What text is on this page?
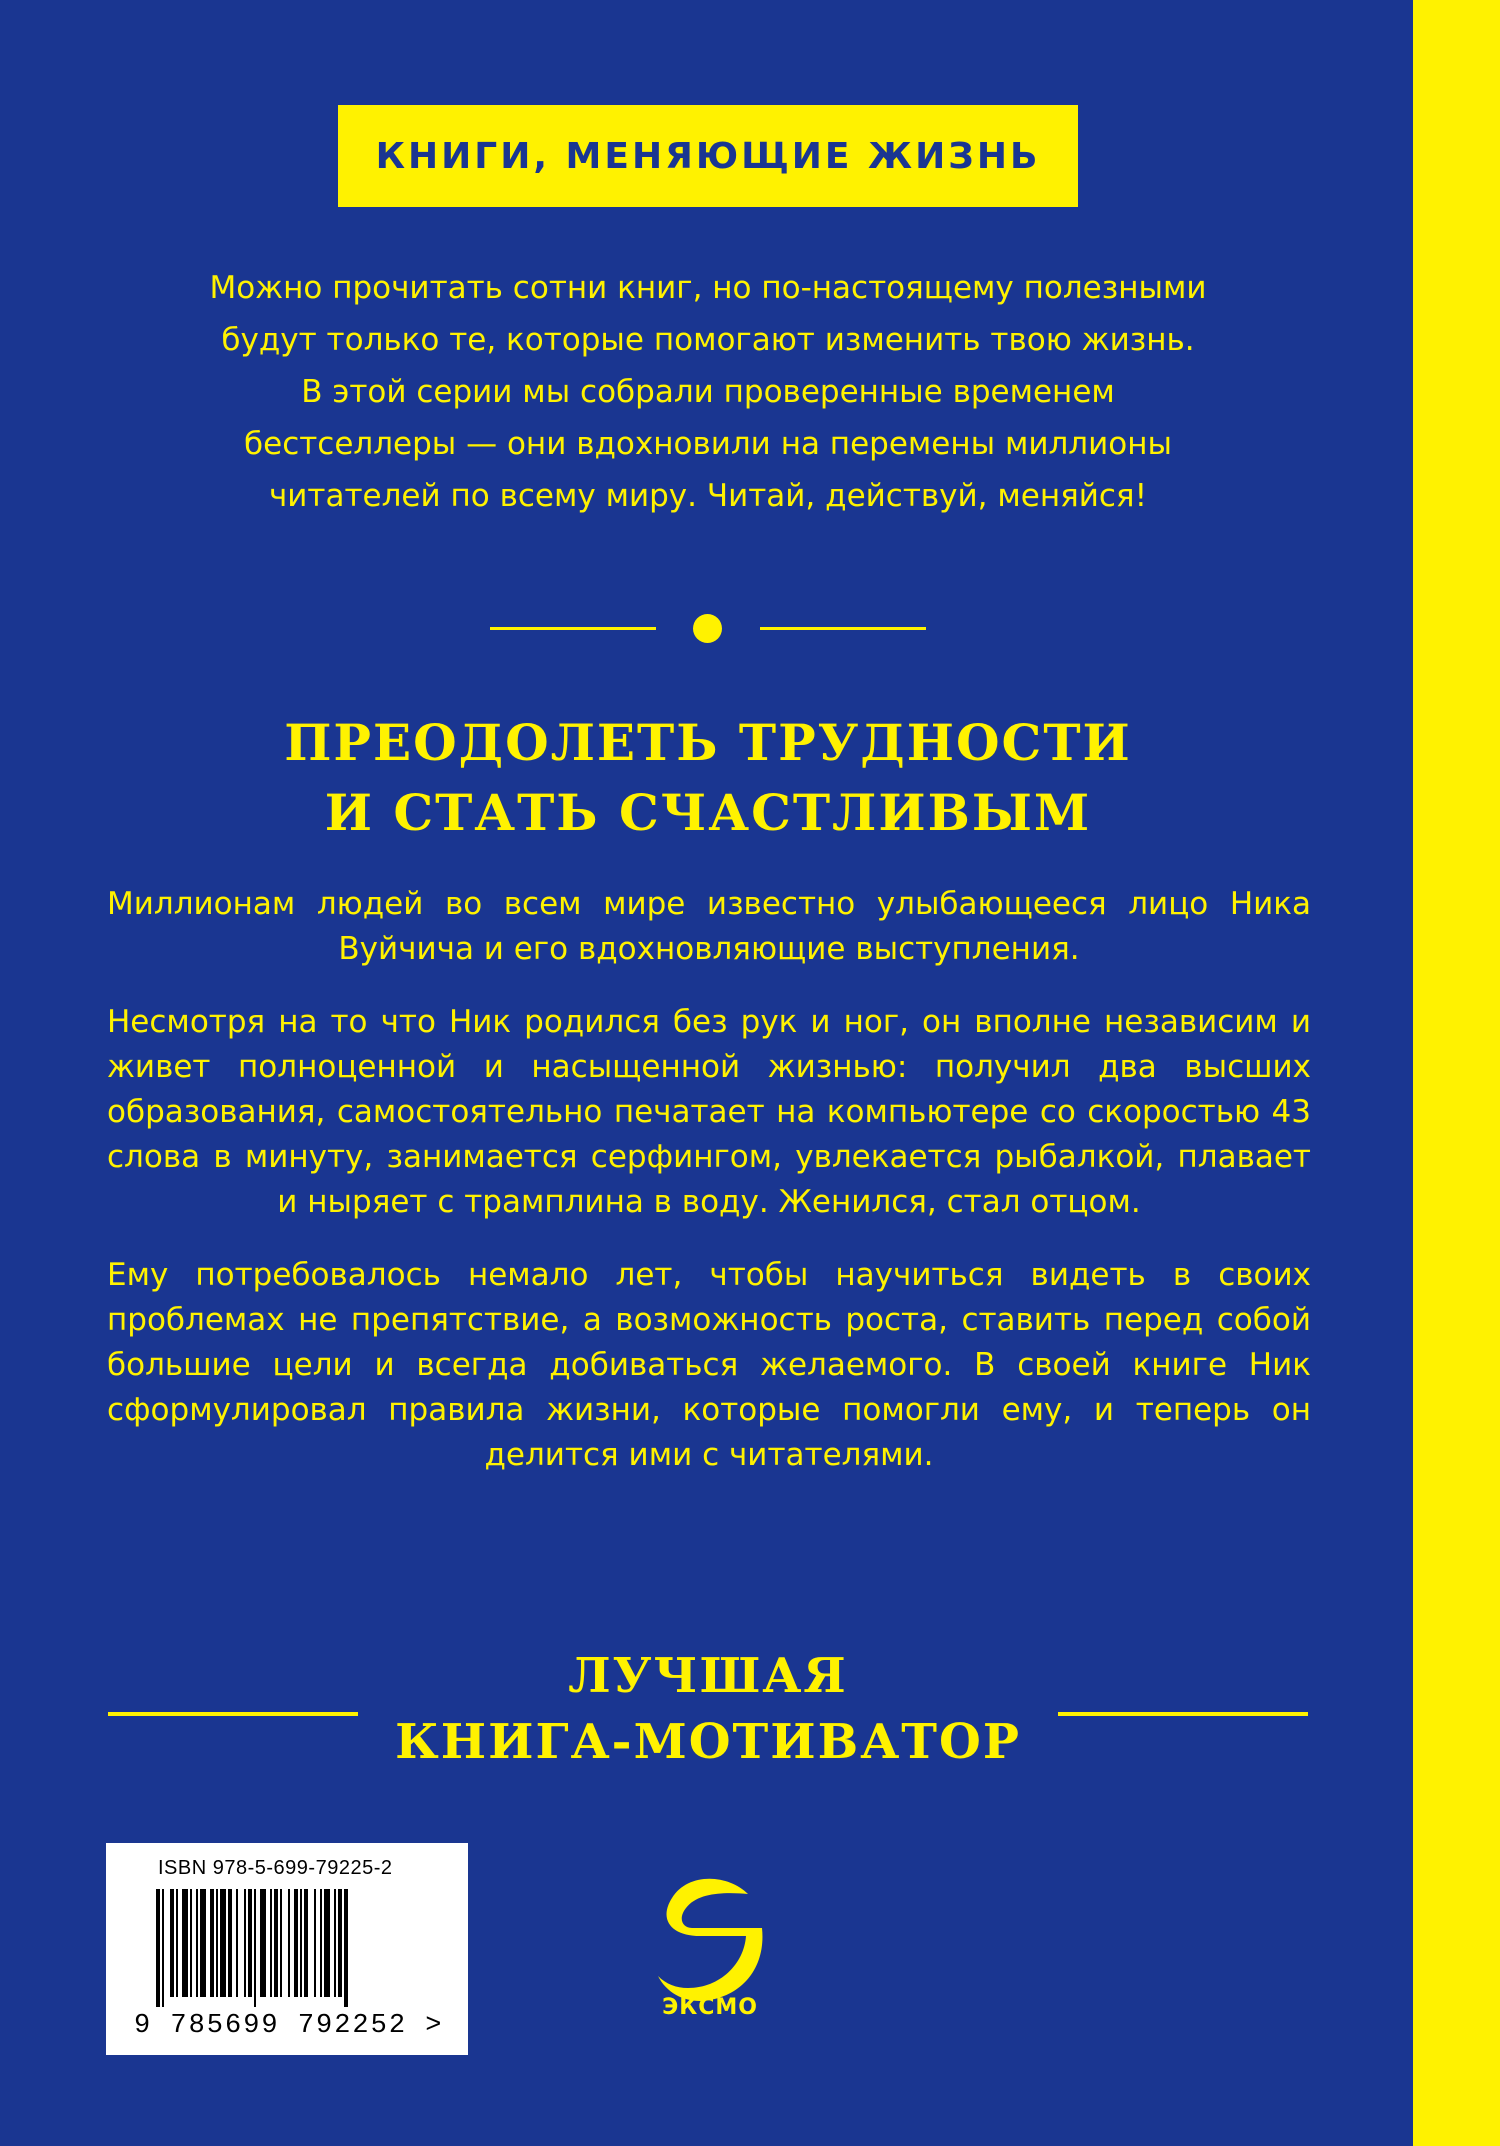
КНИГИ, МЕНЯЮЩИЕ ЖИЗНЬ
Можно прочитать сотни книг, но по-настоящему полезными
будут только те, которые помогают изменить твою жизнь.
В этой серии мы собрали проверенные временем
бестселлеры — они вдохновили на перемены миллионы
читателей по всему миру. Читай, действуй, меняйся!
ПРЕОДОЛЕТЬ ТРУДНОСТИ
И СТАТЬ СЧАСТЛИВЫМ

Миллионам людей во всем мире известно улыбающееся лицо Ника Вуйчича и его вдохновляющие выступления.

Несмотря на то что Ник родился без рук и ног, он вполне независим и живет полноценной и насыщенной жизнью: получил два высших образования, самостоятельно печатает на компьютере со скоростью 43 слова в минуту, занимается серфингом, увлекается рыбалкой, плавает и ныряет с трамплина в воду. Женился, стал отцом.

Ему потребовалось немало лет, чтобы научиться видеть в своих проблемах не препятствие, а возможность роста, ставить перед собой большие цели и всегда добиваться желаемого. В своей книге Ник сформулировал правила жизни, которые помогли ему, и теперь он делится ими с читателями.

ЛУЧШАЯ
КНИГА-МОТИВАТОР
ISBN 978-5-699-79225-2
9 785699 792252 >
ЭКСМО
